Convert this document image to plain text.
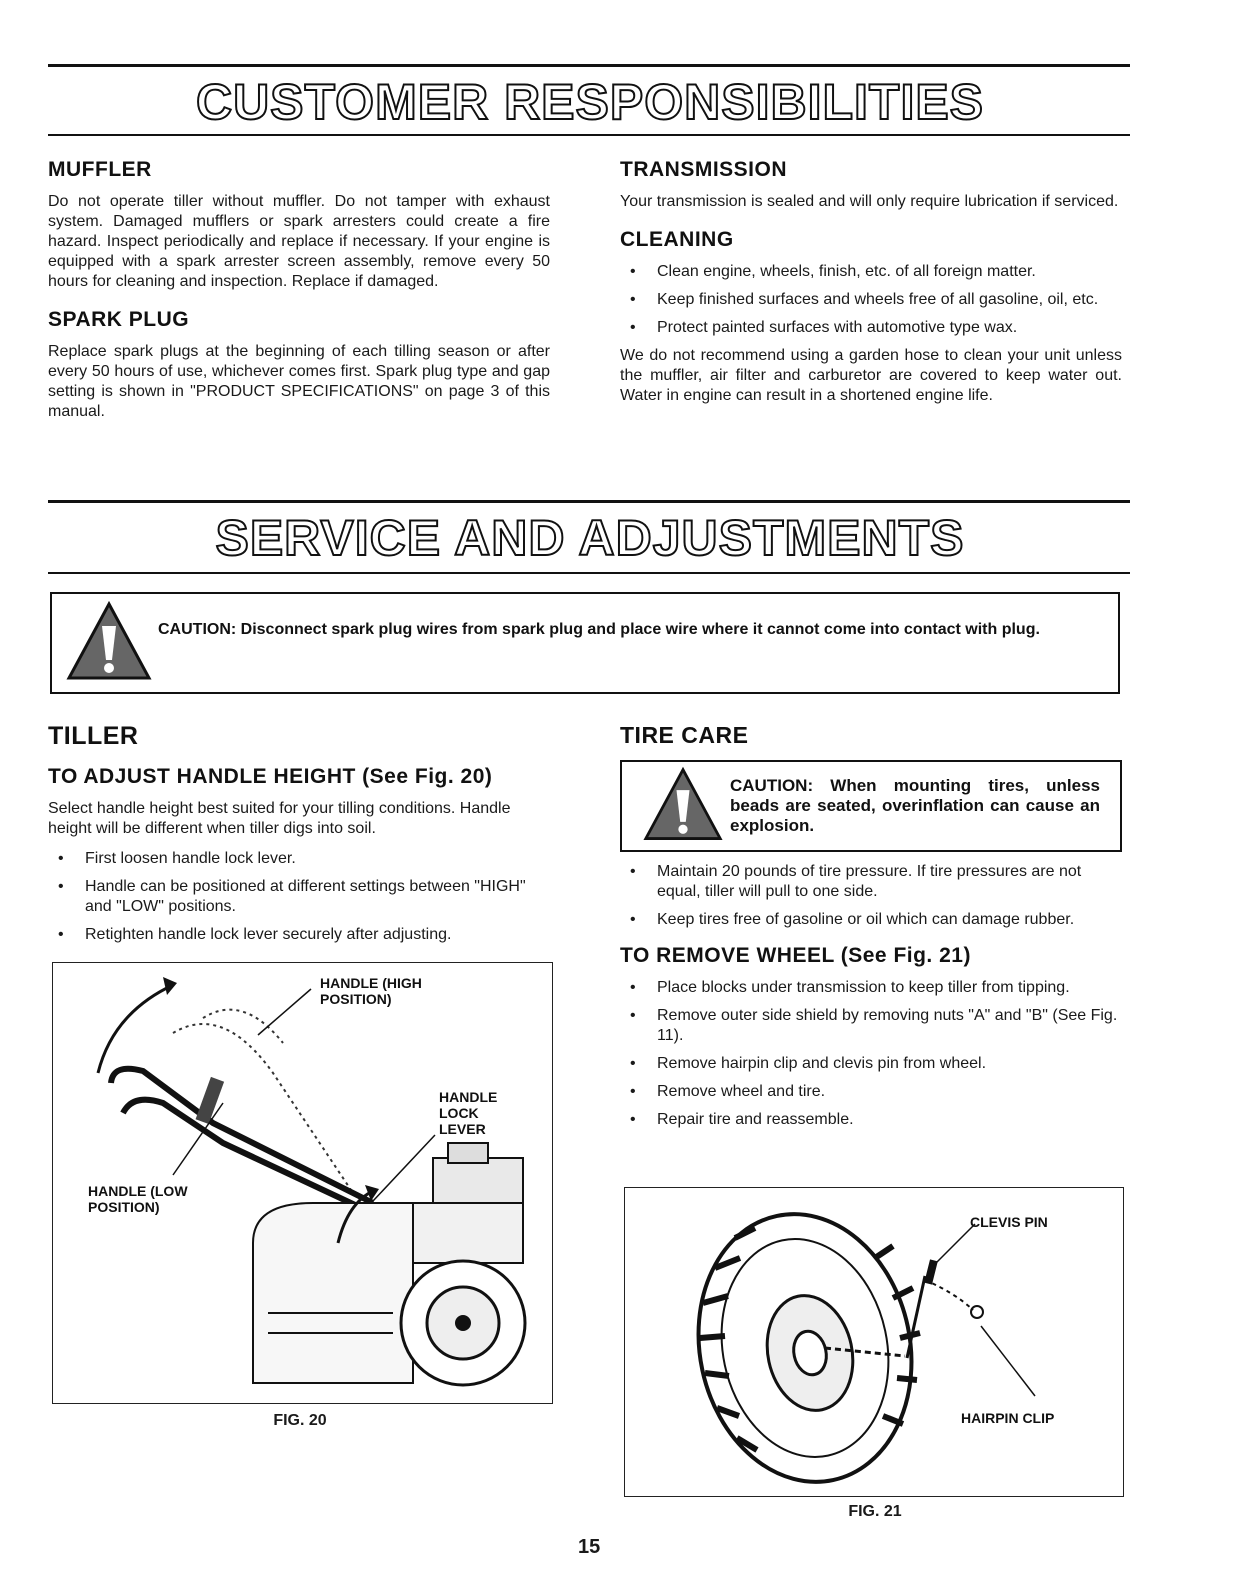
CUSTOMER RESPONSIBILITIES
MUFFLER

Do not operate tiller without muffler. Do not tamper with exhaust system. Damaged mufflers or spark arresters could create a fire hazard. Inspect periodically and replace if necessary. If your engine is equipped with a spark arrester screen assembly, remove every 50 hours for cleaning and inspection. Replace if damaged.

SPARK PLUG

Replace spark plugs at the beginning of each tilling season or after every 50 hours of use, whichever comes first. Spark plug type and gap setting is shown in "PRODUCT SPECIFICATIONS" on page 3 of this manual.

TRANSMISSION

Your transmission is sealed and will only require lubrication if serviced.

CLEANING
• Clean engine, wheels, finish, etc. of all foreign matter.
• Keep finished surfaces and wheels free of all gasoline, oil, etc.
• Protect painted surfaces with automotive type wax.

We do not recommend using a garden hose to clean your unit unless the muffler, air filter and carburetor are covered to keep water out. Water in engine can result in a shortened engine life.

SERVICE AND ADJUSTMENTS
CAUTION: Disconnect spark plug wires from spark plug and place wire where it cannot come into contact with plug.
TILLER
TO ADJUST HANDLE HEIGHT (See Fig. 20)

Select handle height best suited for your tilling conditions. Handle height will be different when tiller digs into soil.

• First loosen handle lock lever.
• Handle can be positioned at different settings between "HIGH" and "LOW" positions.
• Retighten handle lock lever securely after adjusting.
HANDLE (HIGH POSITION)
HANDLE LOCK LEVER
HANDLE (LOW POSITION)
FIG. 20
TIRE CARE
CAUTION: When mounting tires, unless beads are seated, overinflation can cause an explosion.
• Maintain 20 pounds of tire pressure. If tire pressures are not equal, tiller will pull to one side.
• Keep tires free of gasoline or oil which can damage rubber.
TO REMOVE WHEEL (See Fig. 21)
• Place blocks under transmission to keep tiller from tipping.
• Remove outer side shield by removing nuts "A" and "B" (See Fig. 11).
• Remove hairpin clip and clevis pin from wheel.
• Remove wheel and tire.
• Repair tire and reassemble.
CLEVIS PIN
HAIRPIN CLIP
FIG. 21
15
